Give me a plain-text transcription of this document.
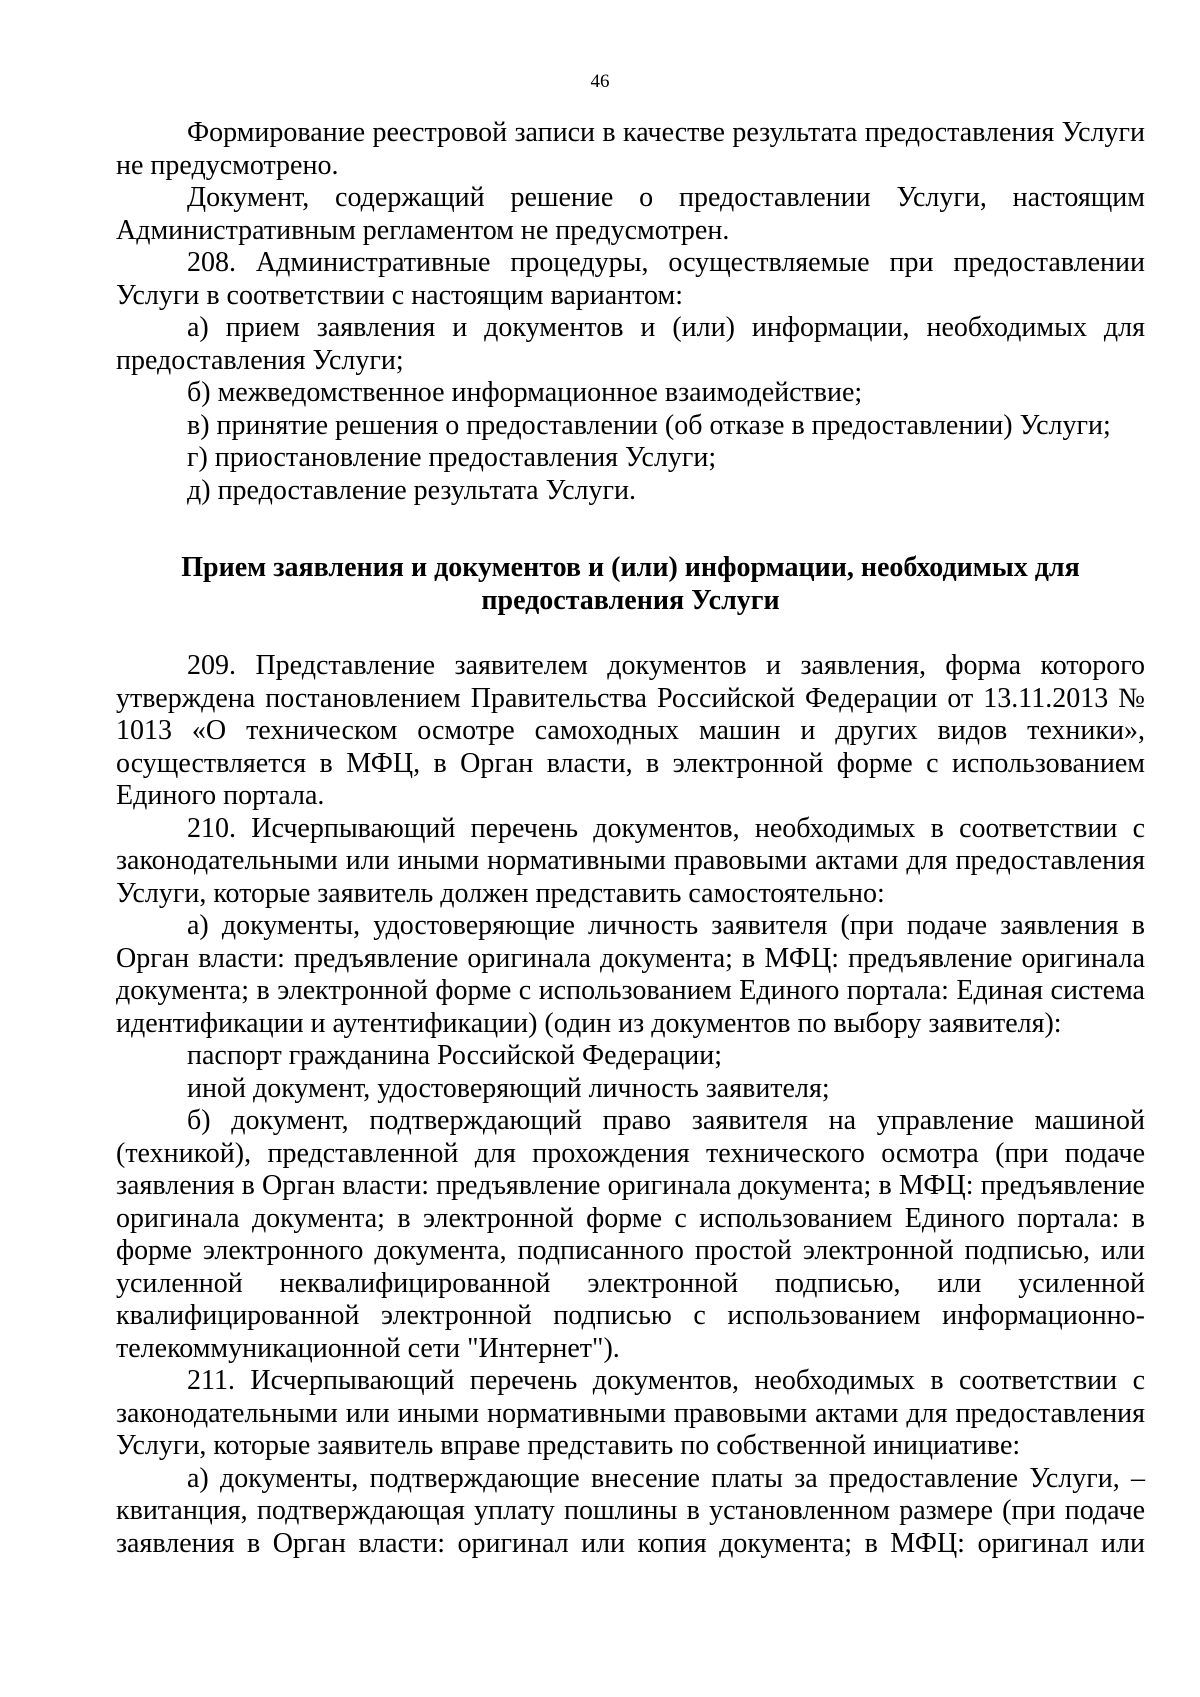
46

Формирование реестровой записи в качестве результата предоставления Услуги не предусмотрено.

Документ, содержащий решение о предоставлении Услуги, настоящим Административным регламентом не предусмотрен.

208. Административные процедуры, осуществляемые при предоставлении Услуги в соответствии с настоящим вариантом:

а) прием заявления и документов и (или) информации, необходимых для предоставления Услуги;

б) межведомственное информационное взаимодействие;

в) принятие решения о предоставлении (об отказе в предоставлении) Услуги;

г) приостановление предоставления Услуги;

д) предоставление результата Услуги.

Прием заявления и документов и (или) информации, необходимых для
предоставления Услуги

209. Представление заявителем документов и заявления, форма которого утверждена постановлением Правительства Российской Федерации от 13.11.2013 № 1013 «О техническом осмотре самоходных машин и других видов техники», осуществляется в МФЦ, в Орган власти, в электронной форме с использованием Единого портала.

210. Исчерпывающий перечень документов, необходимых в соответствии с законодательными или иными нормативными правовыми актами для предоставления Услуги, которые заявитель должен представить самостоятельно:

а) документы, удостоверяющие личность заявителя (при подаче заявления в Орган власти: предъявление оригинала документа; в МФЦ: предъявление оригинала документа; в электронной форме с использованием Единого портала: Единая система идентификации и аутентификации) (один из документов по выбору заявителя):

паспорт гражданина Российской Федерации;

иной документ, удостоверяющий личность заявителя;

б) документ, подтверждающий право заявителя на управление машиной (техникой), представленной для прохождения технического осмотра (при подаче заявления в Орган власти: предъявление оригинала документа; в МФЦ: предъявление оригинала документа; в электронной форме с использованием Единого портала: в форме электронного документа, подписанного простой электронной подписью, или усиленной неквалифицированной электронной подписью, или усиленной квалифицированной электронной подписью с использованием информационно-телекоммуникационной сети "Интернет").

211. Исчерпывающий перечень документов, необходимых в соответствии с законодательными или иными нормативными правовыми актами для предоставления Услуги, которые заявитель вправе представить по собственной инициативе:

а) документы, подтверждающие внесение платы за предоставление Услуги, – квитанция, подтверждающая уплату пошлины в установленном размере (при подаче заявления в Орган власти: оригинал или копия документа; в МФЦ: оригинал или
